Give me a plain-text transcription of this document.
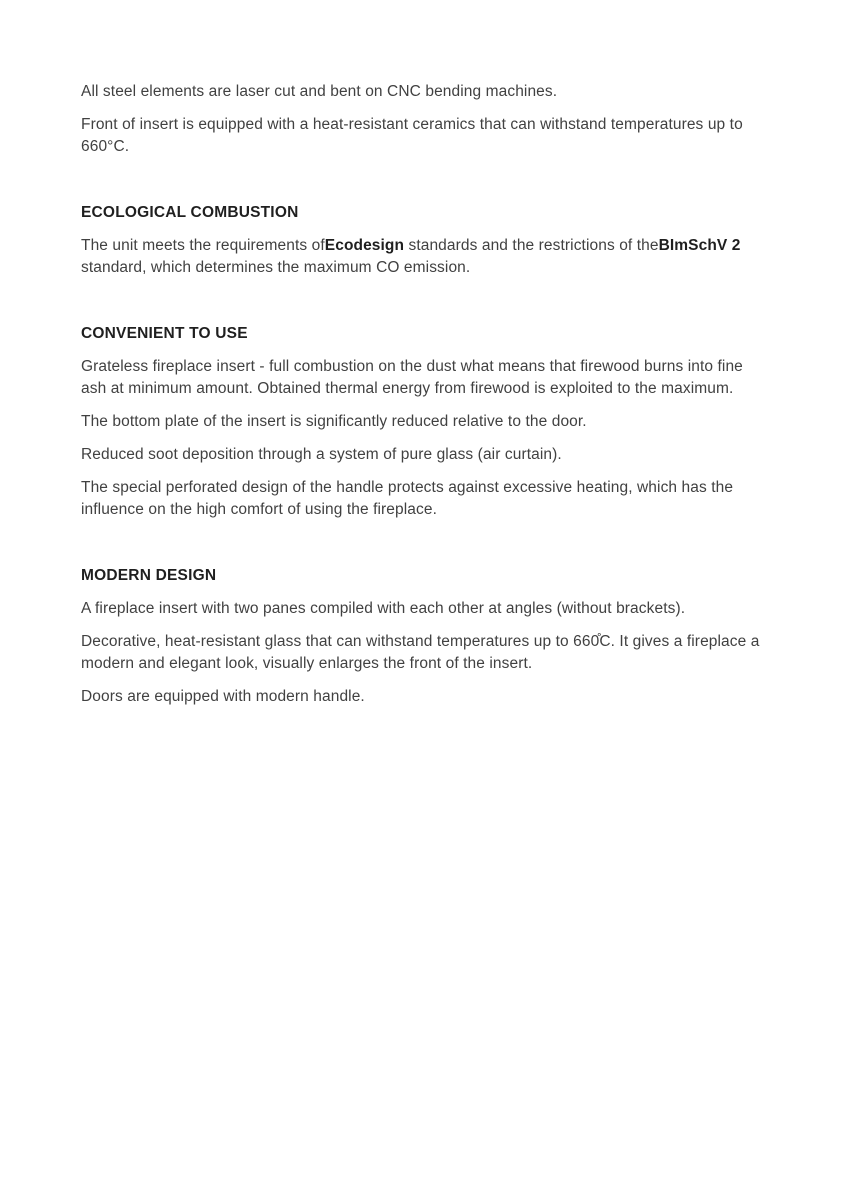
All steel elements are laser cut and bent on CNC bending machines.

Front of insert is equipped with a heat-resistant ceramics that can withstand temperatures up to 660°C.

ECOLOGICAL COMBUSTION

The unit meets the requirements ofEcodesign standards and the restrictions of theBImSchV 2 standard, which determines the maximum CO emission.

CONVENIENT TO USE

Grateless fireplace insert - full combustion on the dust what means that firewood burns into fine ash at minimum amount. Obtained thermal energy from firewood is exploited to the maximum.

The bottom plate of the insert is significantly reduced relative to the door.

Reduced soot deposition through a system of pure glass (air curtain).

The special perforated design of the handle protects against excessive heating, which has the influence on the high comfort of using the fireplace.

MODERN DESIGN

A fireplace insert with two panes compiled with each other at angles (without brackets).

Decorative, heat-resistant glass that can withstand temperatures up to 660̊C. It gives a fireplace a modern and elegant look, visually enlarges the front of the insert.

Doors are equipped with modern handle.
